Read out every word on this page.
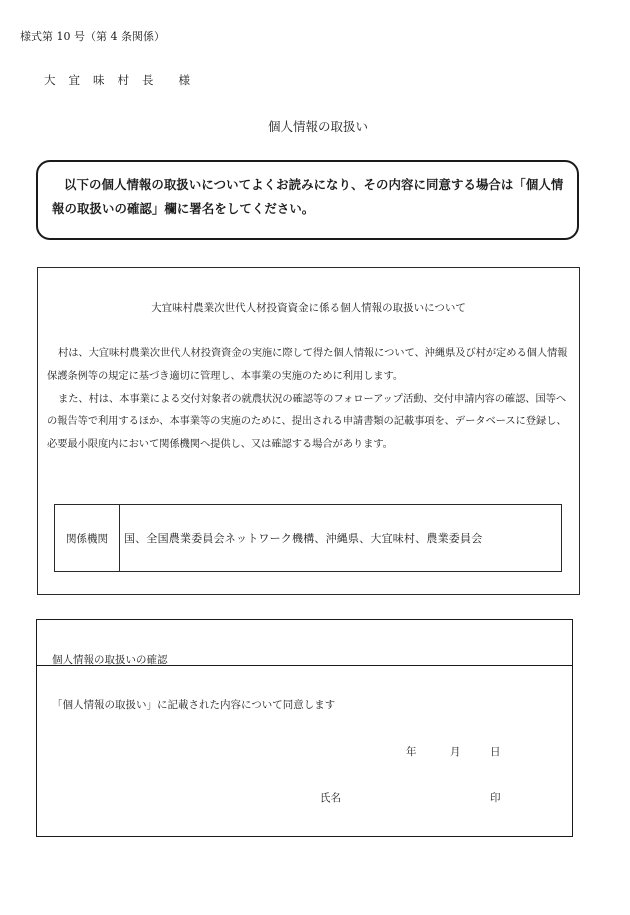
様式第 10 号（第 4 条関係）
大 宜 味 村 長 様
個人情報の取扱い
以下の個人情報の取扱いについてよくお読みになり、その内容に同意する場合は「個人情報の取扱いの確認」欄に署名をしてください。
大宜味村農業次世代人材投資資金に係る個人情報の取扱いについて

村は、大宜味村農業次世代人材投資資金の実施に際して得た個人情報について、沖縄県及び村が定める個人情報保護条例等の規定に基づき適切に管理し、本事業の実施のために利用します。

また、村は、本事業による交付対象者の就農状況の確認等のフォローアップ活動、交付申請内容の確認、国等への報告等で利用するほか、本事業等の実施のために、提出される申請書類の記載事項を、データベースに登録し、必要最小限度内において関係機関へ提供し、又は確認する場合があります。

関係機関	国、全国農業委員会ネットワーク機構、沖縄県、大宜味村、農業委員会
個人情報の取扱いの確認
「個人情報の取扱い」に記載された内容について同意します
年	月	日
氏名	印
